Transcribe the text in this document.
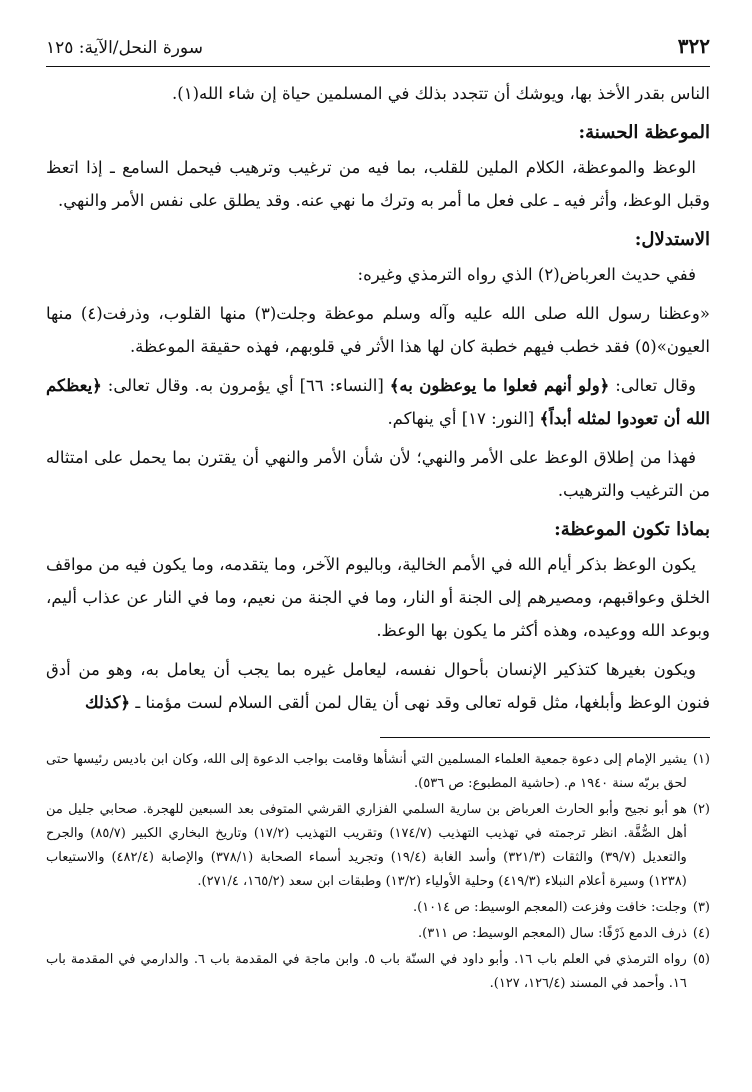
٣٢٢
سورة النحل/الآية: ١٢٥

الناس بقدر الأخذ بها، ويوشك أن تتجدد بذلك في المسلمين حياة إن شاء الله(١).

الموعظة الحسنة:

الوعظ والموعظة، الكلام الملين للقلب، بما فيه من ترغيب وترهيب فيحمل السامع ـ إذا اتعظ وقبل الوعظ، وأثر فيه ـ على فعل ما أمر به وترك ما نهي عنه. وقد يطلق على نفس الأمر والنهي.

الاستدلال:

ففي حديث العرباض(٢) الذي رواه الترمذي وغيره:

«وعظنا رسول الله صلى الله عليه وآله وسلم موعظة وجلت(٣) منها القلوب، وذرفت(٤) منها العيون»(٥) فقد خطب فيهم خطبة كان لها هذا الأثر في قلوبهم، فهذه حقيقة الموعظة.

وقال تعالى: ﴿ولو أنهم فعلوا ما يوعظون به﴾ [النساء: ٦٦] أي يؤمرون به. وقال تعالى: ﴿يعظكم الله أن تعودوا لمثله أبداً﴾ [النور: ١٧] أي ينهاكم.

فهذا من إطلاق الوعظ على الأمر والنهي؛ لأن شأن الأمر والنهي أن يقترن بما يحمل على امتثاله من الترغيب والترهيب.

بماذا تكون الموعظة:

يكون الوعظ بذكر أيام الله في الأمم الخالية، وباليوم الآخر، وما يتقدمه، وما يكون فيه من مواقف الخلق وعواقبهم، ومصيرهم إلى الجنة أو النار، وما في الجنة من نعيم، وما في النار عن عذاب أليم، وبوعد الله ووعيده، وهذه أكثر ما يكون بها الوعظ.

ويكون بغيرها كتذكير الإنسان بأحوال نفسه، ليعامل غيره بما يجب أن يعامل به، وهو من أدق فنون الوعظ وأبلغها، مثل قوله تعالى وقد نهى أن يقال لمن ألقى السلام لست مؤمنا ـ ﴿كذلك

(١)
يشير الإمام إلى دعوة جمعية العلماء المسلمين التي أنشأها وقامت بواجب الدعوة إلى الله، وكان ابن باديس رئيسها حتى لحق بربّه سنة ١٩٤٠ م. (حاشية المطبوع: ص ٥٣٦).
(٢)
هو أبو نجيح وأبو الحارث العرباض بن سارية السلمي الفزاري القرشي المتوفى بعد السبعين للهجرة. صحابي جليل من أهل الصُّفَّة. انظر ترجمته في تهذيب التهذيب (١٧٤/٧) وتقريب التهذيب (١٧/٢) وتاريخ البخاري الكبير (٨٥/٧) والجرح والتعديل (٣٩/٧) والثقات (٣٢١/٣) وأسد الغابة (١٩/٤) وتجريد أسماء الصحابة (٣٧٨/١) والإصابة (٤٨٢/٤) والاستيعاب (١٢٣٨) وسيرة أعلام النبلاء (٤١٩/٣) وحلية الأولياء (١٣/٢) وطبقات ابن سعد (١٦٥/٢، ٢٧١/٤).
(٣)
وجلت: خافت وفزعت (المعجم الوسيط: ص ١٠١٤).
(٤)
ذرف الدمع ذَرْفًا: سال (المعجم الوسيط: ص ٣١١).
(٥)
رواه الترمذي في العلم باب ١٦. وأبو داود في السنّة باب ٥. وابن ماجة في المقدمة باب ٦. والدارمي في المقدمة باب ١٦. وأحمد في المسند (١٢٦/٤، ١٢٧).
